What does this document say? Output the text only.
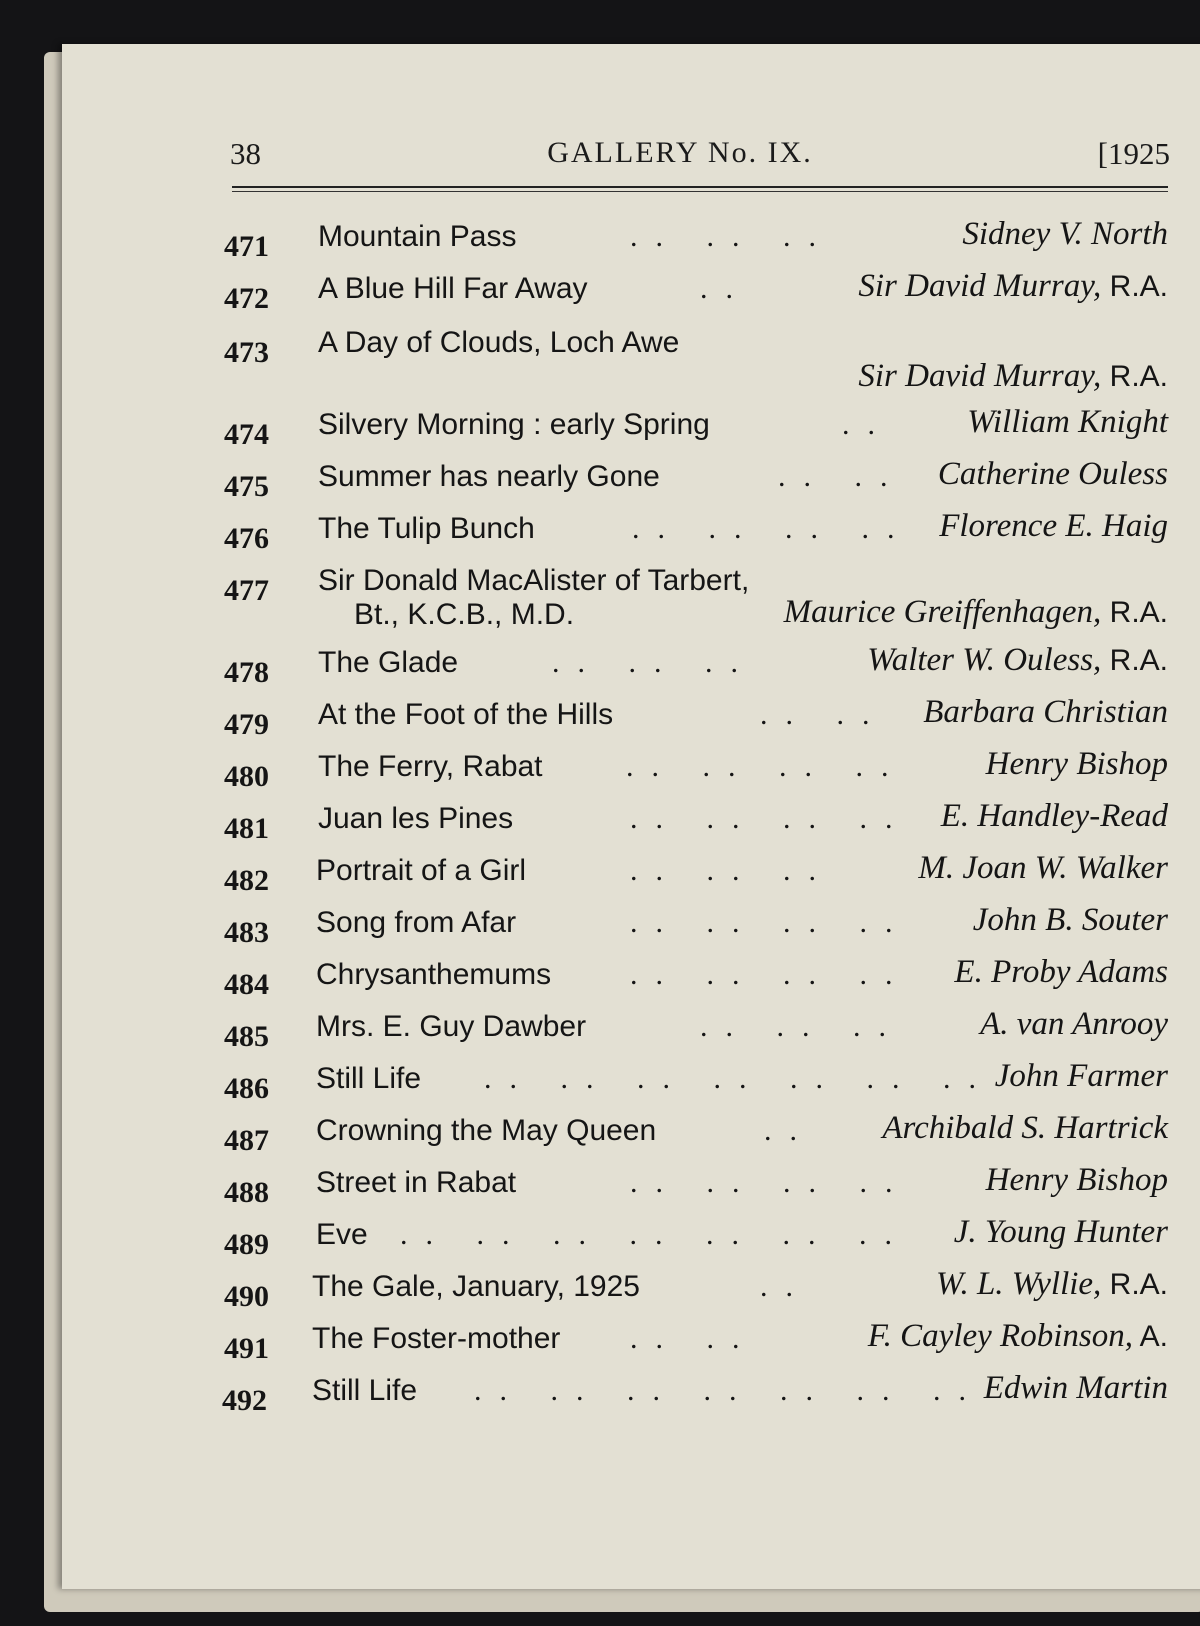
38	GALLERY No. IX.	[1925
471 Mountain Pass	.. .. ..	Sidney V. North
472 A Blue Hill Far Away	..	Sir David Murray, R.A.
473 A Day of Clouds, Loch Awe
Sir David Murray, R.A.
474 Silvery Morning : early Spring	.. William Knight
475 Summer has nearly Gone	.. .. Catherine Ouless
476 The Tulip Bunch	.. .. .. .. Florence E. Haig
477 Sir Donald MacAlister of Tarbert,
Bt., K.C.B., M.D.	Maurice Greiffenhagen, R.A.
478 The Glade	.. .. ..	Walter W. Ouless, R.A.
479 At the Foot of the Hills	.. .. Barbara Christian
480 The Ferry, Rabat	.. .. .. .. Henry Bishop
481 Juan les Pines	.. .. .. .. E. Handley-Read
482 Portrait of a Girl	.. .. ..	M. Joan W. Walker
483 Song from Afar	.. .. .. .. John B. Souter
484 Chrysanthemums	.. .. .. .. E. Proby Adams
485 Mrs. E. Guy Dawber	.. .. .. A. van Anrooy
486 Still Life .. .. .. .. .. .. .. John Farmer
487 Crowning the May Queen	.. Archibald S. Hartrick
488 Street in Rabat	.. .. .. .. Henry Bishop
489 Eve .. .. .. .. .. .. .. J. Young Hunter
490 The Gale, January, 1925	..	W. L. Wyllie, R.A.
491 The Foster-mother .. ..	F. Cayley Robinson, A.
492 Still Life .. .. .. .. .. .. .. Edwin Martin
